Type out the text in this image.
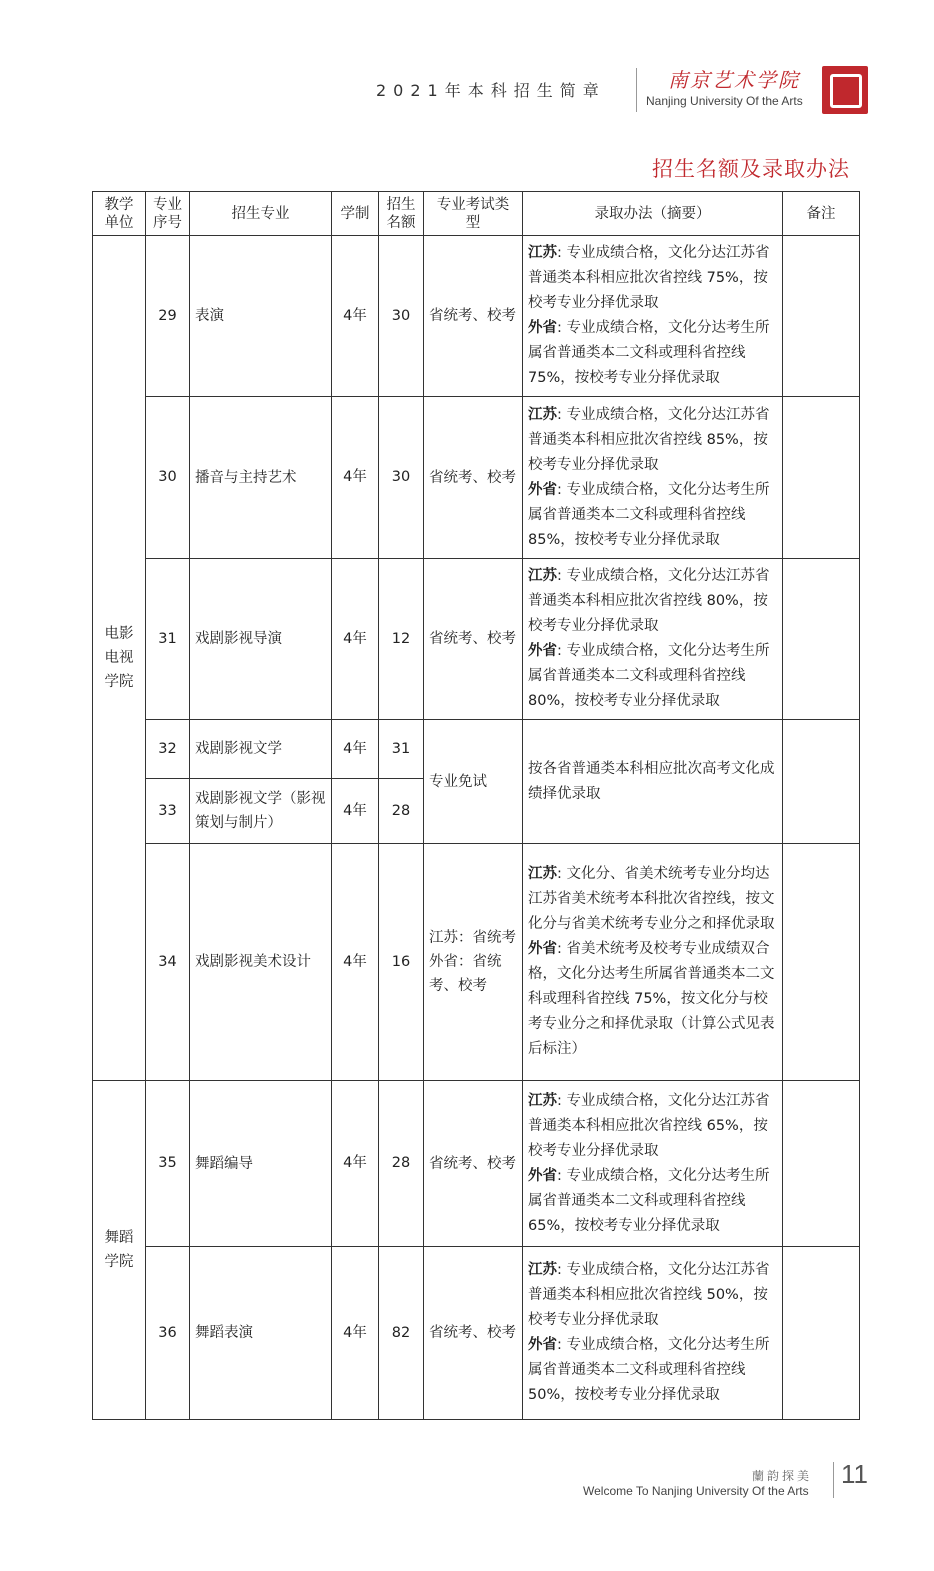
2021年本科招生简章	南京艺术学院
Nanjing University Of the Arts
招生名额及录取办法
教学单位	专业序号	招生专业	学制	招生名额	专业考试类型	录取办法（摘要）	备注

电影电视学院	29	表演	4年	30	省统考、校考	江苏: 专业成绩合格，文化分达江苏省普通类本科相应批次省控线 75%，按校考专业分择优录取
外省: 专业成绩合格，文化分达考生所属省普通类本二文科或理科省控线 75%，按校考专业分择优录取	

	30	播音与主持艺术	4年	30	省统考、校考	江苏: 专业成绩合格，文化分达江苏省普通类本科相应批次省控线 85%，按校考专业分择优录取
外省: 专业成绩合格，文化分达考生所属省普通类本二文科或理科省控线 85%，按校考专业分择优录取	

	31	戏剧影视导演	4年	12	省统考、校考	江苏: 专业成绩合格，文化分达江苏省普通类本科相应批次省控线 80%，按校考专业分择优录取
外省: 专业成绩合格，文化分达考生所属省普通类本二文科或理科省控线 80%，按校考专业分择优录取	

	32	戏剧影视文学	4年	31	专业免试	按各省普通类本科相应批次高考文化成绩择优录取	
	33	戏剧影视文学（影视策划与制片）	4年	28			
	34	戏剧影视美术设计	4年	16	江苏：省统考 外省：省统考、校考	江苏: 文化分、省美术统考专业分均达江苏省美术统考本科批次省控线，按文化分与省美术统考专业分之和择优录取
外省: 省美术统考及校考专业成绩双合格，文化分达考生所属省普通类本二文科或理科省控线 75%，按文化分与校考专业分之和择优录取（计算公式见表后标注）	

舞蹈学院	35	舞蹈编导	4年	28	省统考、校考	江苏: 专业成绩合格，文化分达江苏省普通类本科相应批次省控线 65%，按校考专业分择优录取
外省: 专业成绩合格，文化分达考生所属省普通类本二文科或理科省控线 65%，按校考专业分择优录取	

	36	舞蹈表演	4年	82	省统考、校考	江苏: 专业成绩合格，文化分达江苏省普通类本科相应批次省控线 50%，按校考专业分择优录取
外省: 专业成绩合格，文化分达考生所属省普通类本二文科或理科省控线 50%，按校考专业分择优录取	

蘭韵探美
Welcome To Nanjing University Of the Arts
11
